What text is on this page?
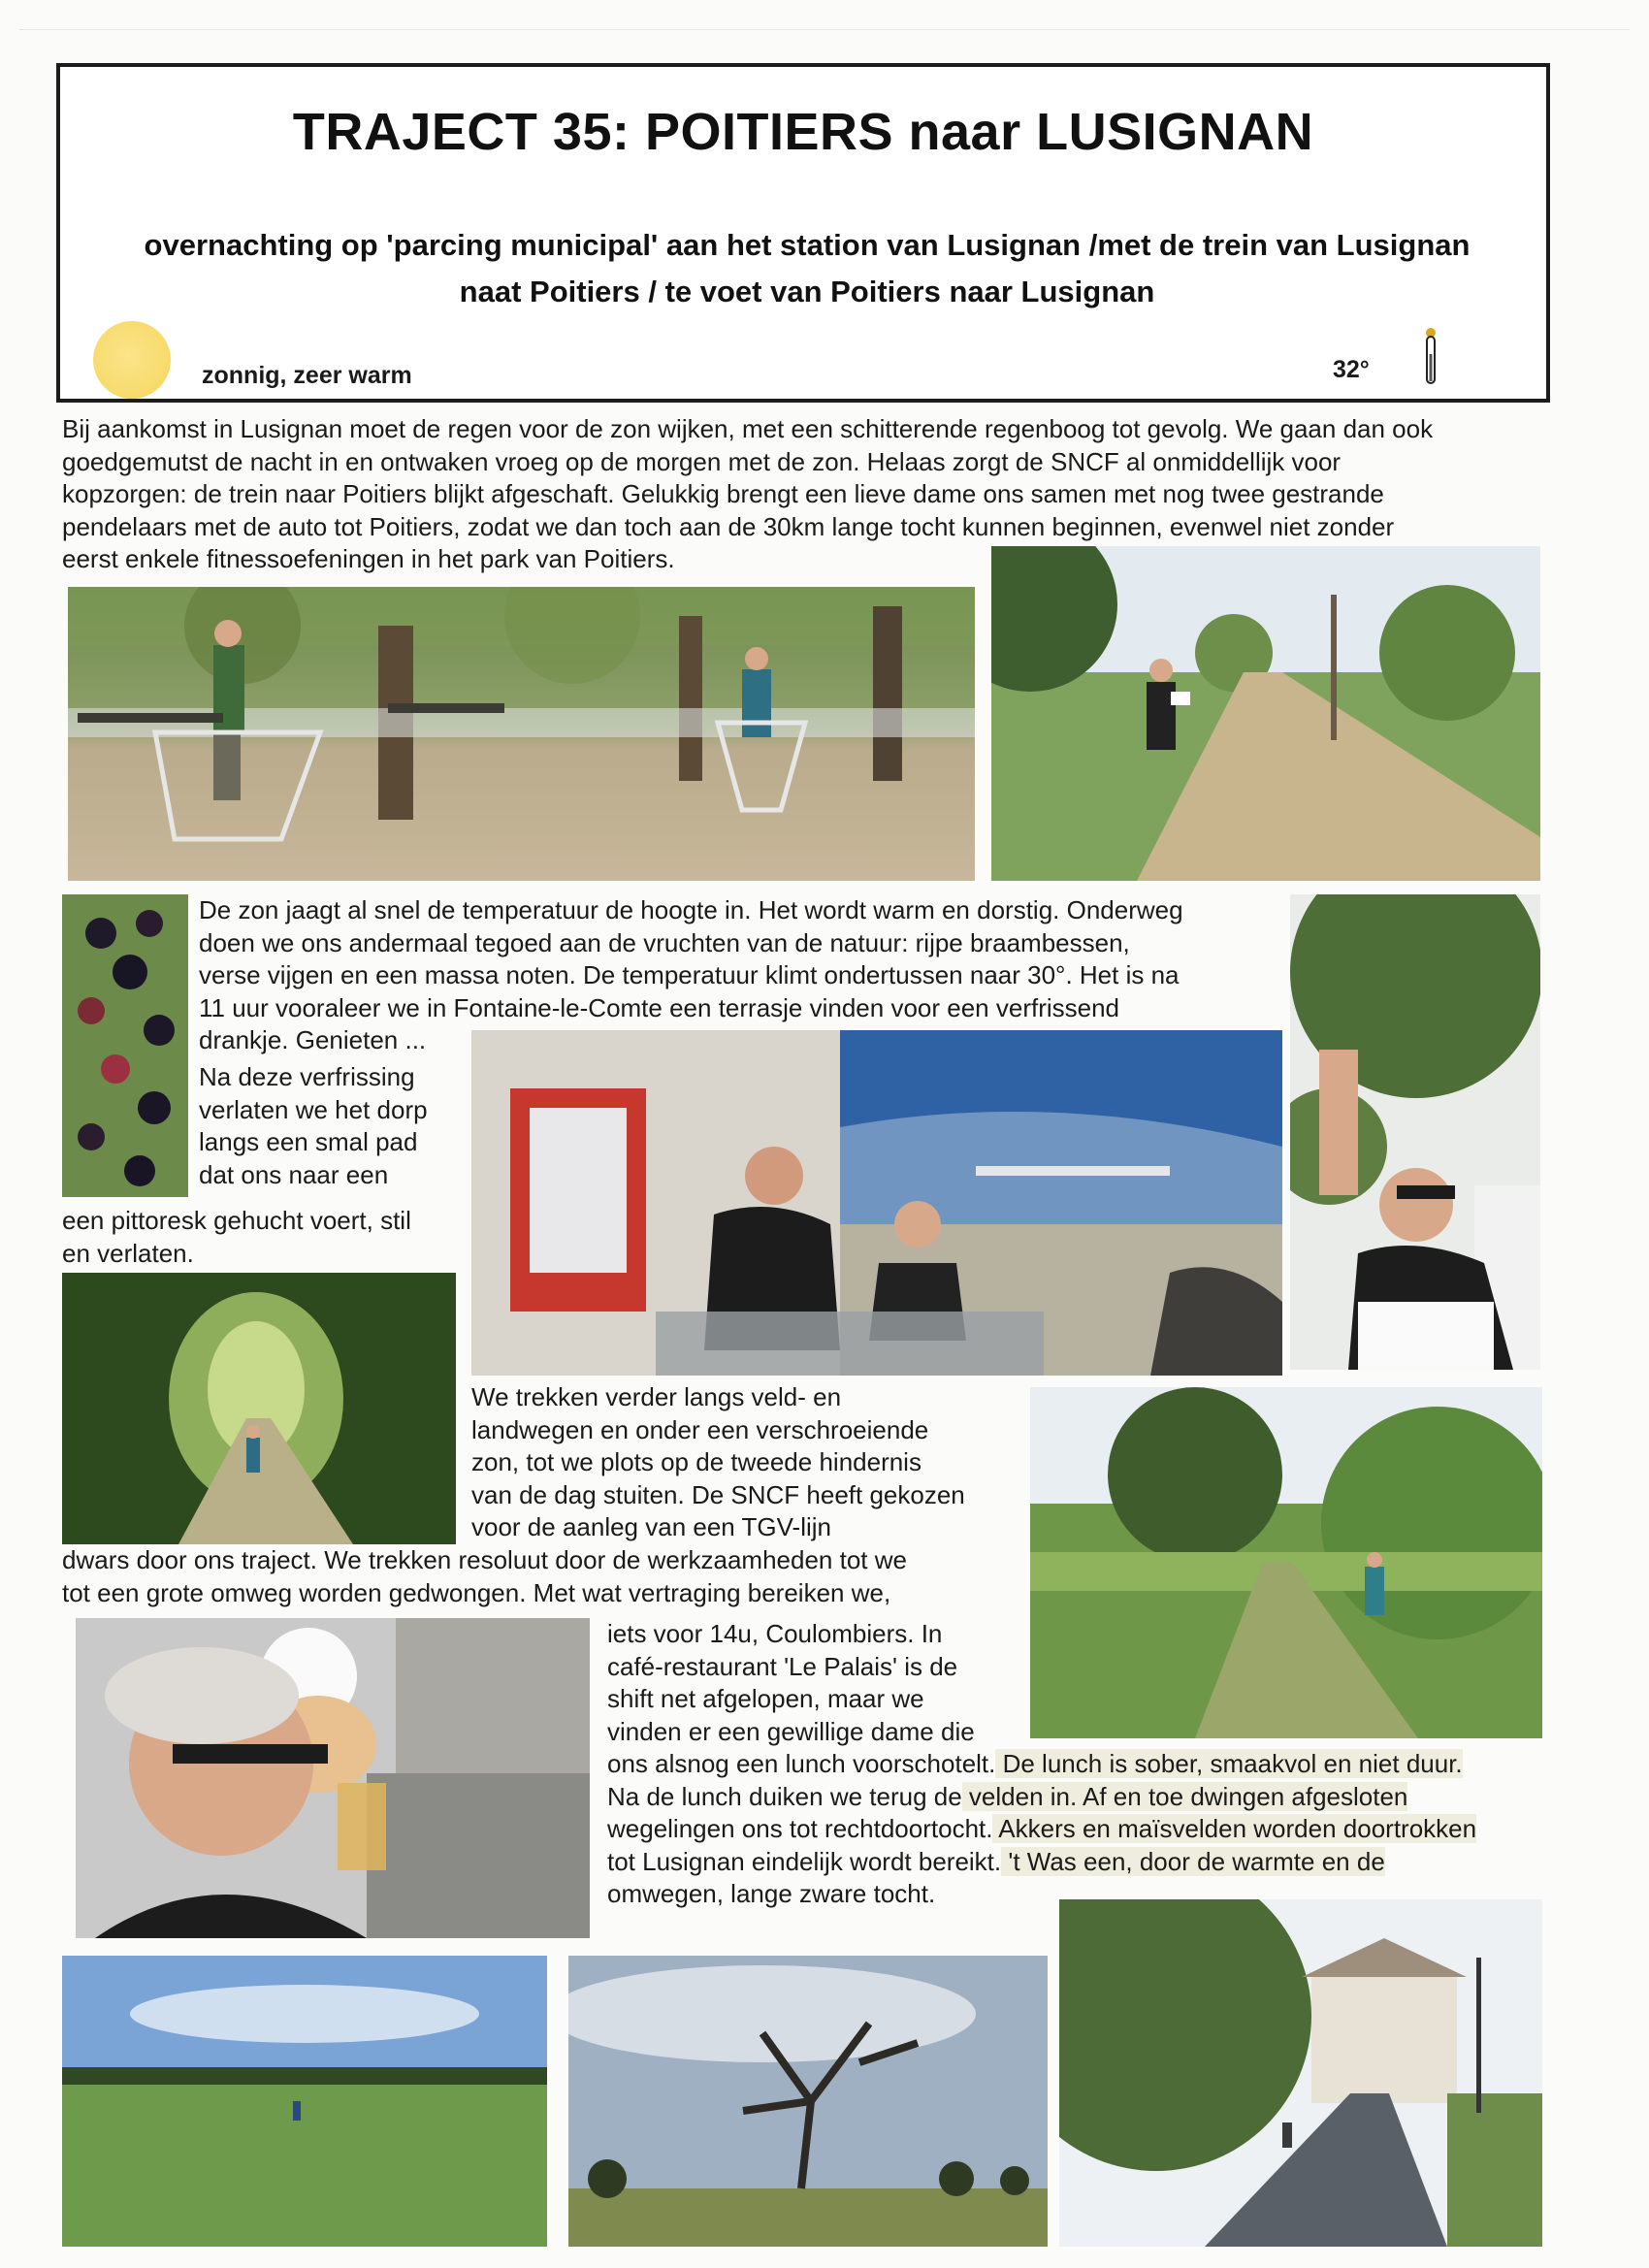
TRAJECT 35: POITIERS naar LUSIGNAN
overnachting op 'parcing municipal' aan het station van Lusignan /met de trein van Lusignan
naat Poitiers / te voet van Poitiers naar Lusignan
zonnig, zeer warm	32°
Bij aankomst in Lusignan moet de regen voor de zon wijken, met een schitterende regenboog tot gevolg. We gaan dan ook
goedgemutst de nacht in en ontwaken vroeg op de morgen met de zon. Helaas zorgt de SNCF al onmiddellijk voor
kopzorgen: de trein naar Poitiers blijkt afgeschaft. Gelukkig brengt een lieve dame ons samen met nog twee gestrande
pendelaars met de auto tot Poitiers, zodat we dan toch aan de 30km lange tocht kunnen beginnen, evenwel niet zonder
eerst enkele fitnessoefeningen in het park van Poitiers.
De zon jaagt al snel de temperatuur de hoogte in. Het wordt warm en dorstig. Onderweg
doen we ons andermaal tegoed aan de vruchten van de natuur: rijpe braambessen,
verse vijgen en een massa noten. De temperatuur klimt ondertussen naar 30°. Het is na
11 uur vooraleer we in Fontaine-le-Comte een terrasje vinden voor een verfrissend
drankje. Genieten ...
Na deze verfrissing
verlaten we het dorp
langs een smal pad
dat ons naar een
een pittoresk gehucht voert, stil
en verlaten.
We trekken verder langs veld- en
landwegen en onder een verschroeiende
zon, tot we plots op de tweede hindernis
van de dag stuiten. De SNCF heeft gekozen
voor de aanleg van een TGV-lijn
dwars door ons traject. We trekken resoluut door de werkzaamheden tot we
tot een grote omweg worden gedwongen. Met wat vertraging bereiken we,
iets voor 14u, Coulombiers. In
café-restaurant 'Le Palais' is de
shift net afgelopen, maar we
vinden er een gewillige dame die
ons alsnog een lunch voorschotelt. De lunch is sober, smaakvol en niet duur.
Na de lunch duiken we terug de velden in. Af en toe dwingen afgesloten
wegelingen ons tot rechtdoortocht. Akkers en maïsvelden worden doortrokken
tot Lusignan eindelijk wordt bereikt. 't Was een, door de warmte en de
omwegen, lange zware tocht.
